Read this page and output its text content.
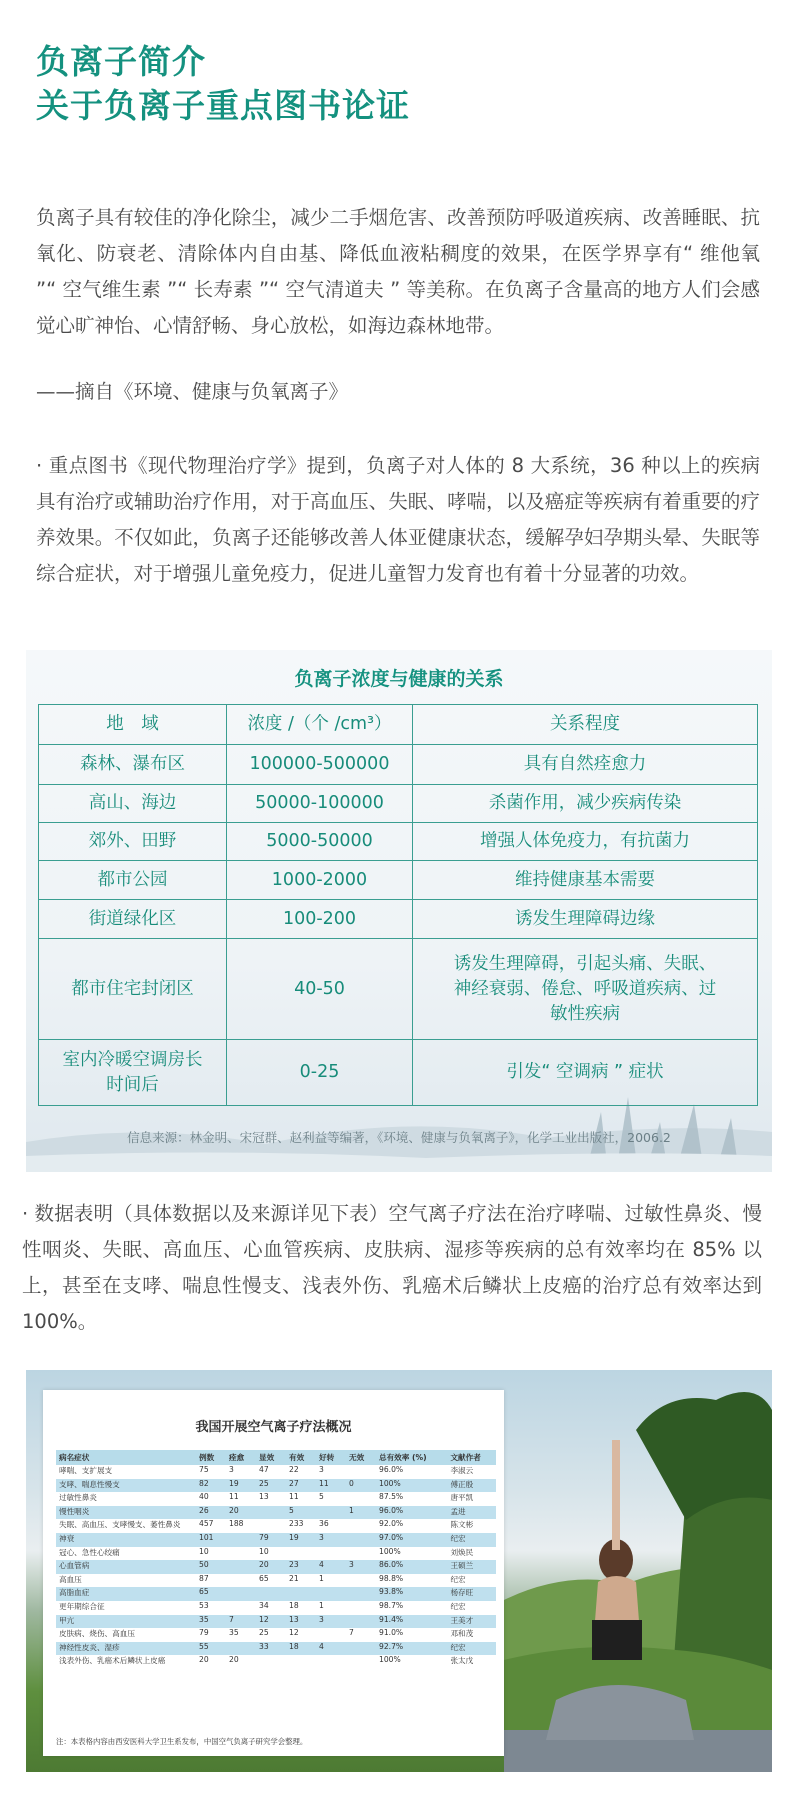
负离子简介
关于负离子重点图书论证

负离子具有较佳的净化除尘，减少二手烟危害、改善预防呼吸道疾病、改善睡眠、抗氧化、防衰老、清除体内自由基、降低血液粘稠度的效果，在医学界享有“ 维他氧 ”“ 空气维生素 ”“ 长寿素 ”“ 空气清道夫 ” 等美称。在负离子含量高的地方人们会感觉心旷神怡、心情舒畅、身心放松，如海边森林地带。

——摘自《环境、健康与负氧离子》

· 重点图书《现代物理治疗学》提到，负离子对人体的 8 大系统，36 种以上的疾病具有治疗或辅助治疗作用，对于高血压、失眠、哮喘，以及癌症等疾病有着重要的疗养效果。不仅如此，负离子还能够改善人体亚健康状态，缓解孕妇孕期头晕、失眠等综合症状，对于增强儿童免疫力，促进儿童智力发育也有着十分显著的功效。

负离子浓度与健康的关系
地　域	浓度 /（个 /cm³）	关系程度
森林、瀑布区	100000-500000	具有自然痊愈力
高山、海边	50000-100000	杀菌作用，减少疾病传染
郊外、田野	5000-50000	增强人体免疫力，有抗菌力
都市公园	1000-2000	维持健康基本需要
街道绿化区	100-200	诱发生理障碍边缘
都市住宅封闭区	40-50	诱发生理障碍，引起头痛、失眠、神经衰弱、倦怠、呼吸道疾病、过敏性疾病
室内冷暖空调房长时间后	0-25	引发“ 空调病 ” 症状
信息来源：林金明、宋冠群、赵利益等编著，《环境、健康与负氧离子》，化学工业出版社，2006.2

· 数据表明（具体数据以及来源详见下表）空气离子疗法在治疗哮喘、过敏性鼻炎、慢性咽炎、失眠、高血压、心血管疾病、皮肤病、湿疹等疾病的总有效率均在 85% 以上，甚至在支哮、喘息性慢支、浅表外伤、乳癌术后鳞状上皮癌的治疗总有效率达到 100%。

我国开展空气离子疗法概况
病名症状	例数	痊愈	显效	有效	好转	无效	总有效率 (%)	文献作者
哮喘、支扩展支	75	3	47	22	3		96.0%	李淑云
支哮、喘息性慢支	82	19	25	27	11	0	100%	傅正殷
过敏性鼻炎	40	11	13	11	5		87.5%	唐平凯
慢性咽炎	26	20		5		1	96.0%	孟进
失眠、高血压、支哮慢支、萎性鼻炎	457	188		233	36		92.0%	陈文彬
神衰	101		79	19	3		97.0%	纪宏
冠心、急性心绞痛	10		10				100%	刘焕民
心血管病	50		20	23	4	3	86.0%	王硕兰
高血压	87		65	21	1		98.8%	纪宏
高脂血症	65						93.8%	杨存旺
更年期综合征	53		34	18	1		98.7%	纪宏
甲亢	35	7	12	13	3		91.4%	王美才
皮肤病、烧伤、高血压	79	35	25	12		7	91.0%	邓和茂
神经性皮炎、湿疹	55		33	18	4		92.7%	纪宏
浅表外伤、乳癌术后鳞状上皮癌	20	20					100%	张太戊
注：本表格内容由西安医科大学卫生系发布，中国空气负离子研究学会整理。
